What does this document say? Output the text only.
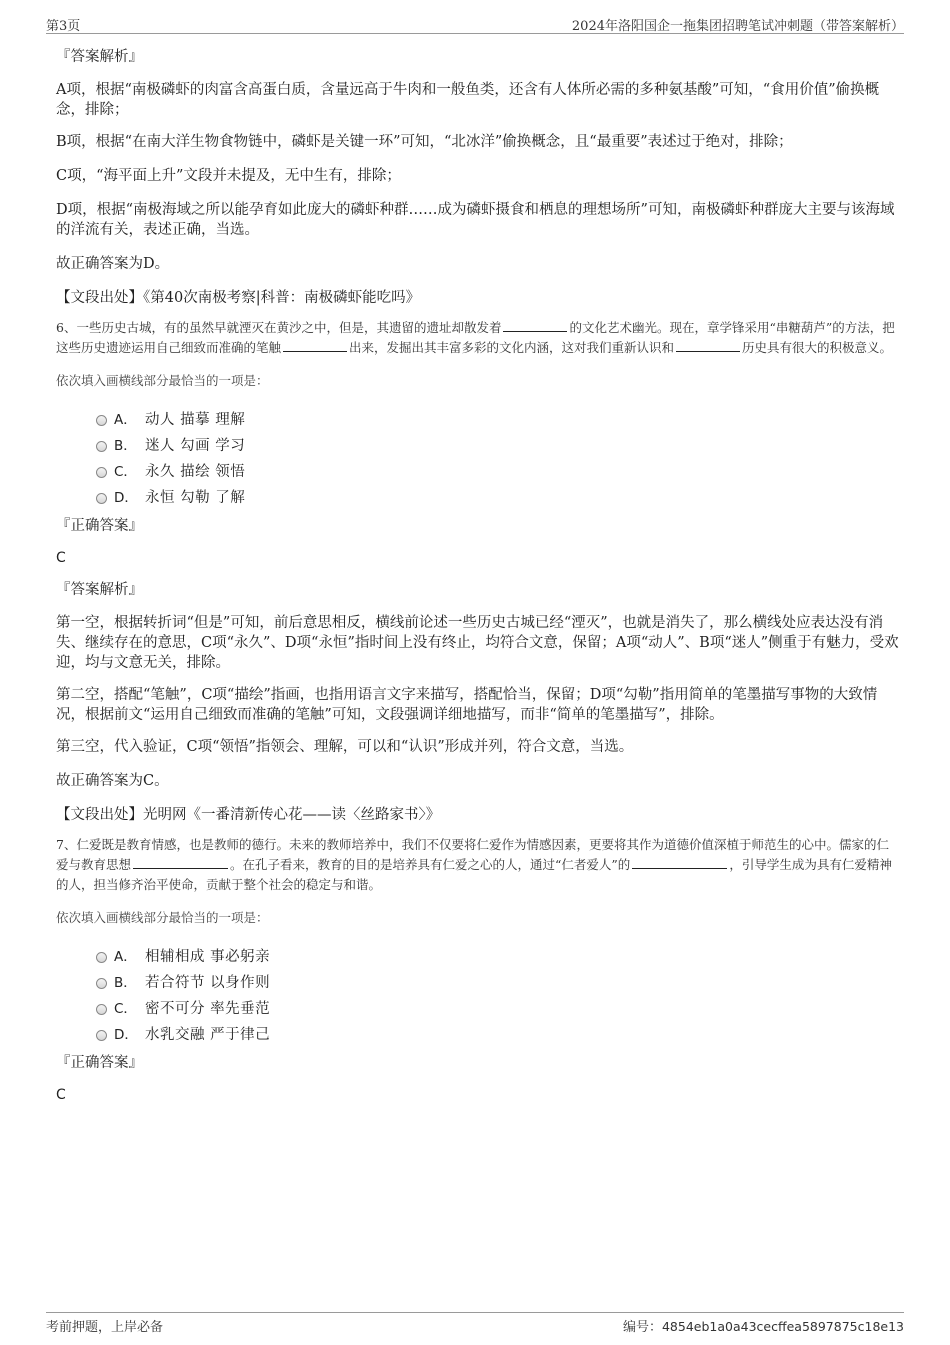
第3页	2024年洛阳国企一拖集团招聘笔试冲刺题（带答案解析）

『答案解析』

A项，根据“南极磷虾的肉富含高蛋白质，含量远高于牛肉和一般鱼类，还含有人体所必需的多种氨基酸”可知，“食用价值”偷换概念，排除；

B项，根据“在南大洋生物食物链中，磷虾是关键一环”可知，“北冰洋”偷换概念，且“最重要”表述过于绝对，排除；

C项，“海平面上升”文段并未提及，无中生有，排除；

D项，根据“南极海域之所以能孕育如此庞大的磷虾种群……成为磷虾摄食和栖息的理想场所”可知，南极磷虾种群庞大主要与该海域的洋流有关，表述正确，当选。

故正确答案为D。

【文段出处】《第40次南极考察|科普：南极磷虾能吃吗》

6、一些历史古城，有的虽然早就湮灭在黄沙之中，但是，其遗留的遗址却散发着	的文化艺术幽光。现在，章学锋采用“串糖葫芦”的方法，把这些历史遗迹运用自己细致而准确的笔触	出来，发掘出其丰富多彩的文化内涵，这对我们重新认识和	历史具有很大的积极意义。

依次填入画横线部分最恰当的一项是：

A． 动人 描摹 理解
B． 迷人 勾画 学习
C． 永久 描绘 领悟
D． 永恒 勾勒 了解

『正确答案』

C

『答案解析』

第一空，根据转折词“但是”可知，前后意思相反，横线前论述一些历史古城已经“湮灭”，也就是消失了，那么横线处应表达没有消失、继续存在的意思，C项“永久”、D项“永恒”指时间上没有终止，均符合文意，保留；A项“动人”、B项“迷人”侧重于有魅力，受欢迎，均与文意无关，排除。

第二空，搭配“笔触”，C项“描绘”指画，也指用语言文字来描写，搭配恰当，保留；D项“勾勒”指用简单的笔墨描写事物的大致情况，根据前文“运用自己细致而准确的笔触”可知，文段强调详细地描写，而非“简单的笔墨描写”，排除。

第三空，代入验证，C项“领悟”指领会、理解，可以和“认识”形成并列，符合文意，当选。

故正确答案为C。

【文段出处】光明网《一番清新传心花——读〈丝路家书〉》

7、仁爱既是教育情感，也是教师的德行。未来的教师培养中，我们不仅要将仁爱作为情感因素，更要将其作为道德价值深植于师范生的心中。儒家的仁爱与教育思想	。在孔子看来，教育的目的是培养具有仁爱之心的人，通过“仁者爱人”的	，引导学生成为具有仁爱精神的人，担当修齐治平使命，贡献于整个社会的稳定与和谐。

依次填入画横线部分最恰当的一项是：

A． 相辅相成 事必躬亲
B． 若合符节 以身作则
C． 密不可分 率先垂范
D． 水乳交融 严于律己

『正确答案』

C

考前押题，上岸必备	编号：4854eb1a0a43cecffea5897875c18e13
